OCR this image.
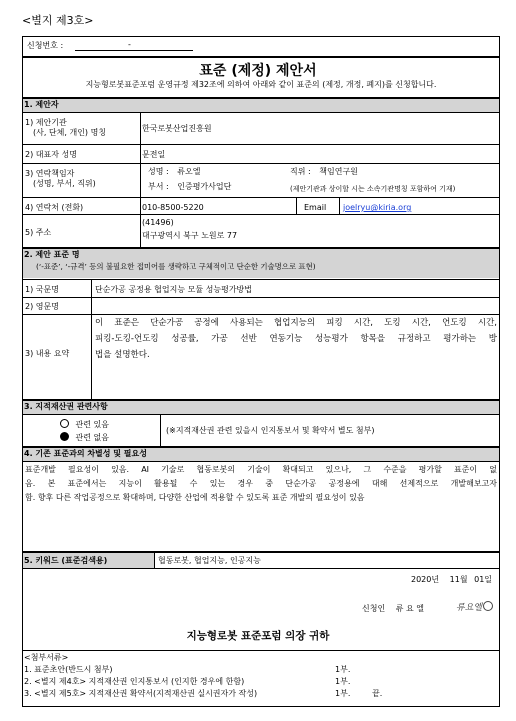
<별지 제3호>
신청번호 :	-
표준 (제정) 제안서
지능형로봇표준포럼 운영규정 제32조에 의하여 아래와 같이 표준의 (제정, 개정, 폐지)를 신청합니다.
1. 제안자
1) 제안기관
(사, 단체, 개인) 명칭	한국로봇산업진흥원
2) 대표자 성명	문전일
3) 연락책임자
(성명, 부서, 직위)
성명 : 류오엘	직위 : 책임연구원
부서 : 인증평가사업단	(제안기관과 상이할 시는 소속기관명칭 포함하여 기재)
4) 연락처 (전화)	010-8500-5220	Email joelryu@kiria.org
5) 주소
(41496)
대구광역시 북구 노원로 77
2. 제안 표준 명
(‘-표준’, ‘-규격’ 등의 불필요한 접미어를 생략하고 구체적이고 단순한 기술명으로 표현)
1) 국문명	단순가공 공정용 협업지능 모듈 성능평가방법
2) 영문명
3) 내용 요약
이 표준은 단순가공 공정에 사용되는 협업지능의 피킹 시간, 도킹 시간, 언도킹 시간,
피킹-도킹-언도킹 성공률, 가공 선반 연동기능 성능평가 항목을 규정하고 평가하는 방
법을 설명한다.
3. 지적재산권 관련사항
관련 있음
관련 없음
(※지적재산권 관련 있을시 인지통보서 및 확약서 별도 첨부)
4. 기존 표준과의 차별성 및 필요성
표준개발 필요성이 있음. AI 기술로 협동로봇의 기술이 확대되고 있으나, 그 수준을 평가할 표준이 없
음. 본 표준에서는 지능이 활용될 수 있는 경우 중 단순가공 공정용에 대해 선제적으로 개발해보고자
함. 향후 다른 작업공정으로 확대하며, 다양한 산업에 적용할 수 있도록 표준 개발의 필요성이 있음
5. 키워드 (표준검색용)	협동로봇, 협업지능, 인공지능
2020년 11월 01일
신청인 류 요 엘	류요엘
지능형로봇 표준포럼 의장 귀하
<첨부서류>
1. 표준초안(반드시 첨부)	1부.
2. <별지 제4호> 지적재산권 인지통보서 (인지한 경우에 한함)	1부.
3. <별지 제5호> 지적재산권 확약서(지적재산권 실시권자가 작성)	1부.	끝.
